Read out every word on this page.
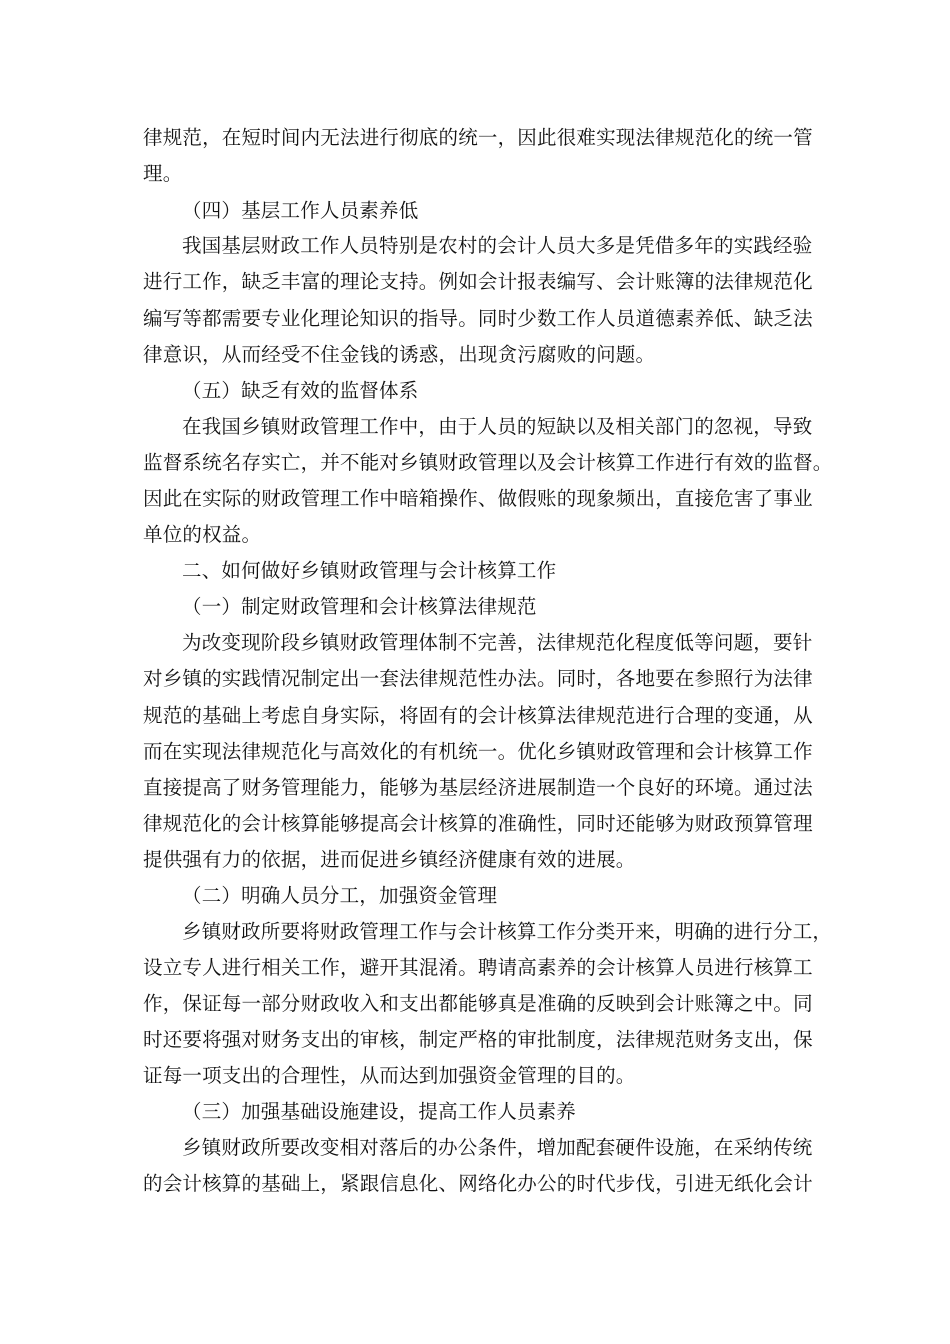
律规范，在短时间内无法进行彻底的统一，因此很难实现法律规范化的统一管
理。
（四）基层工作人员素养低
我国基层财政工作人员特别是农村的会计人员大多是凭借多年的实践经验
进行工作，缺乏丰富的理论支持。例如会计报表编写、会计账簿的法律规范化
编写等都需要专业化理论知识的指导。同时少数工作人员道德素养低、缺乏法
律意识，从而经受不住金钱的诱惑，出现贪污腐败的问题。
（五）缺乏有效的监督体系
在我国乡镇财政管理工作中，由于人员的短缺以及相关部门的忽视，导致
监督系统名存实亡，并不能对乡镇财政管理以及会计核算工作进行有效的监督。
因此在实际的财政管理工作中暗箱操作、做假账的现象频出，直接危害了事业
单位的权益。
二、如何做好乡镇财政管理与会计核算工作
（一）制定财政管理和会计核算法律规范
为改变现阶段乡镇财政管理体制不完善，法律规范化程度低等问题，要针
对乡镇的实践情况制定出一套法律规范性办法。同时，各地要在参照行为法律
规范的基础上考虑自身实际，将固有的会计核算法律规范进行合理的变通，从
而在实现法律规范化与高效化的有机统一。优化乡镇财政管理和会计核算工作
直接提高了财务管理能力，能够为基层经济进展制造一个良好的环境。通过法
律规范化的会计核算能够提高会计核算的准确性，同时还能够为财政预算管理
提供强有力的依据，进而促进乡镇经济健康有效的进展。
（二）明确人员分工，加强资金管理
乡镇财政所要将财政管理工作与会计核算工作分类开来，明确的进行分工，
设立专人进行相关工作，避开其混淆。聘请高素养的会计核算人员进行核算工
作，保证每一部分财政收入和支出都能够真是准确的反映到会计账簿之中。同
时还要将强对财务支出的审核，制定严格的审批制度，法律规范财务支出，保
证每一项支出的合理性，从而达到加强资金管理的目的。
（三）加强基础设施建设，提高工作人员素养
乡镇财政所要改变相对落后的办公条件，增加配套硬件设施，在采纳传统
的会计核算的基础上，紧跟信息化、网络化办公的时代步伐，引进无纸化会计
